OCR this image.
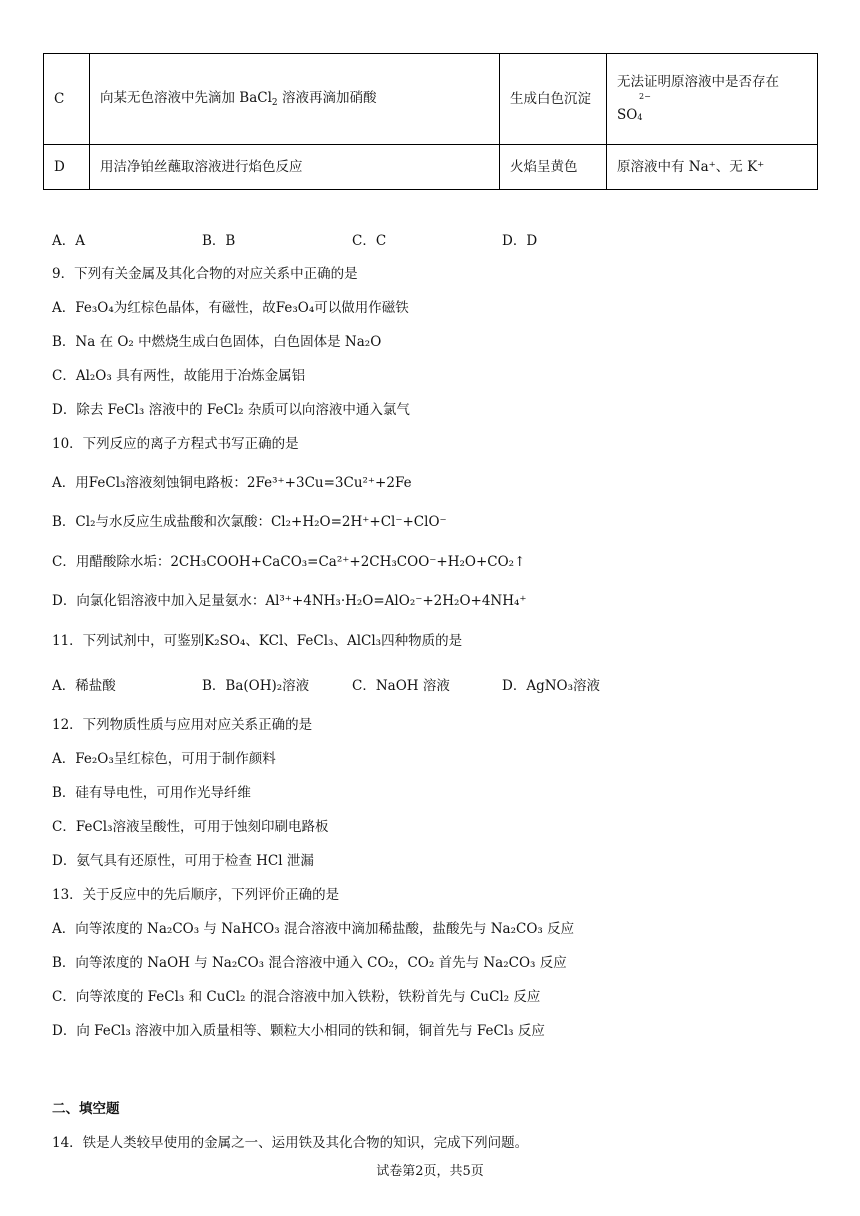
C	向某无色溶液中先滴加 BaCl$_2$ 溶液再滴加硝酸	生成白色沉淀	无法证明原溶液中是否存在
SO
2−
4

D	用洁净铂丝蘸取溶液进行焰色反应	火焰呈黄色	原溶液中有 Na⁺、无 K⁺
A．A	B．B	C．C	D．D
9．下列有关金属及其化合物的对应关系中正确的是
A．Fe₃O₄为红棕色晶体，有磁性，故Fe₃O₄可以做用作磁铁
B．Na 在 O₂ 中燃烧生成白色固体，白色固体是 Na₂O
C．Al₂O₃ 具有两性，故能用于冶炼金属铝
D．除去 FeCl₃ 溶液中的 FeCl₂ 杂质可以向溶液中通入氯气
10．下列反应的离子方程式书写正确的是
A．用FeCl₃溶液刻蚀铜电路板：2Fe³⁺+3Cu=3Cu²⁺+2Fe
B．Cl₂与水反应生成盐酸和次氯酸：Cl₂+H₂O=2H⁺+Cl⁻+ClO⁻
C．用醋酸除水垢：2CH₃COOH+CaCO₃=Ca²⁺+2CH₃COO⁻+H₂O+CO₂↑
D．向氯化铝溶液中加入足量氨水：Al³⁺+4NH₃·H₂O=AlO₂⁻+2H₂O+4NH₄⁺
11．下列试剂中，可鉴别K₂SO₄、KCl、FeCl₃、AlCl₃四种物质的是
A．稀盐酸	B．Ba(OH)₂溶液	C．NaOH 溶液	D．AgNO₃溶液
12．下列物质性质与应用对应关系正确的是
A．Fe₂O₃呈红棕色，可用于制作颜料
B．硅有导电性，可用作光导纤维
C．FeCl₃溶液呈酸性，可用于蚀刻印刷电路板
D．氨气具有还原性，可用于检查 HCl 泄漏
13．关于反应中的先后顺序，下列评价正确的是
A．向等浓度的 Na₂CO₃ 与 NaHCO₃ 混合溶液中滴加稀盐酸，盐酸先与 Na₂CO₃ 反应
B．向等浓度的 NaOH 与 Na₂CO₃ 混合溶液中通入 CO₂，CO₂ 首先与 Na₂CO₃ 反应
C．向等浓度的 FeCl₃ 和 CuCl₂ 的混合溶液中加入铁粉，铁粉首先与 CuCl₂ 反应
D．向 FeCl₃ 溶液中加入质量相等、颗粒大小相同的铁和铜，铜首先与 FeCl₃ 反应
二、填空题
14．铁是人类较早使用的金属之一、运用铁及其化合物的知识，完成下列问题。
试卷第2页，共5页
